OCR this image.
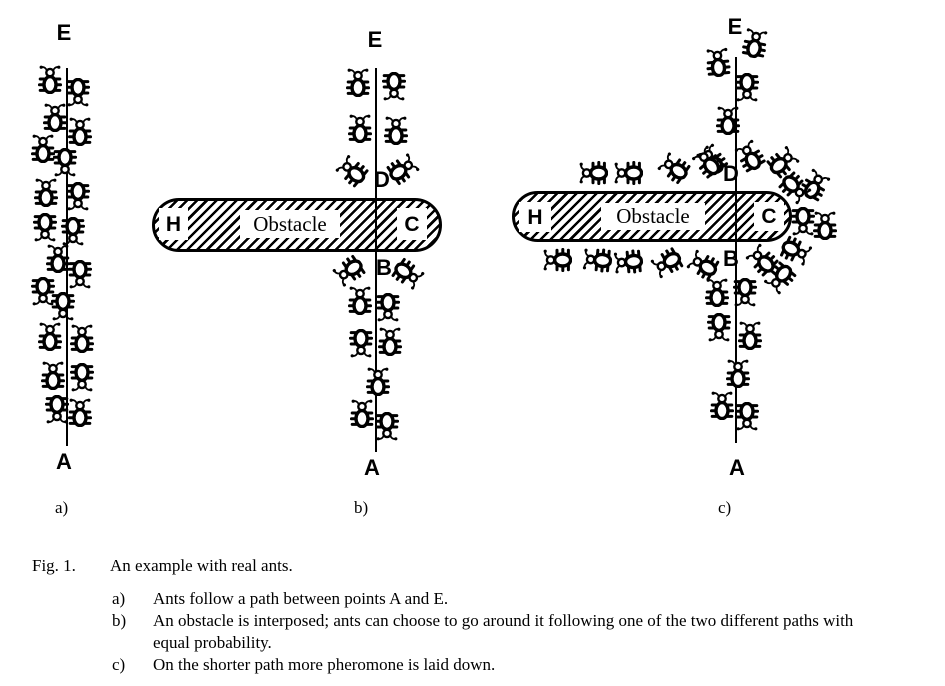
a)	b)	c)
Fig. 1. An example with real ants.
a)	Ants follow a path between points A and E.
b)	An obstacle is interposed; ants can choose to go around it following one of the two different paths with equal probability.
c)	On the shorter path more pheromone is laid down.
E
A
H	Obstacle	C
E
D
B
A
H	Obstacle	C
E
D
B
A
